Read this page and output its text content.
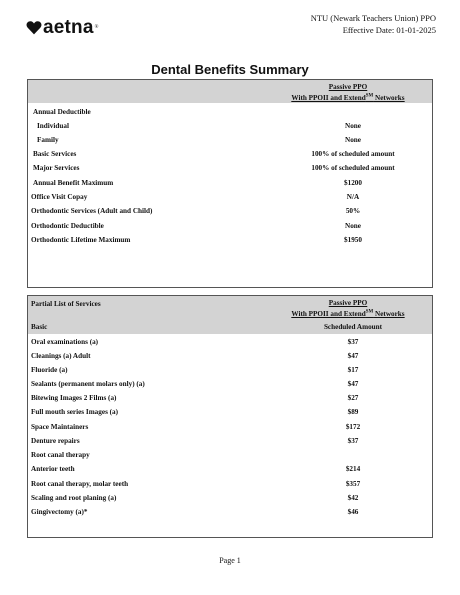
aetna ®
NTU (Newark Teachers Union) PPO
Effective Date: 01-01-2025
Dental Benefits Summary
Passive PPO
With PPOII and Extend℠ Networks
Annual Deductible
Individual	None
Family	None
Basic Services	100% of scheduled amount
Major Services	100% of scheduled amount
Annual Benefit Maximum	$1200
Office Visit Copay	N/A
Orthodontic Services (Adult and Child)	50%
Orthodontic Deductible	None
Orthodontic Lifetime Maximum	$1950
Partial List of Services	Passive PPO
With PPOII and Extend℠ Networks
Basic	Scheduled Amount
Oral examinations (a)	$37
Cleanings (a) Adult	$47
Fluoride (a)	$17
Sealants (permanent molars only) (a)	$47
Bitewing Images 2 Films (a)	$27
Full mouth series Images (a)	$89
Space Maintainers	$172
Denture repairs	$37
Root canal therapy
Anterior teeth	$214
Root canal therapy, molar teeth	$357
Scaling and root planing (a)	$42
Gingivectomy (a)*	$46
Page 1
